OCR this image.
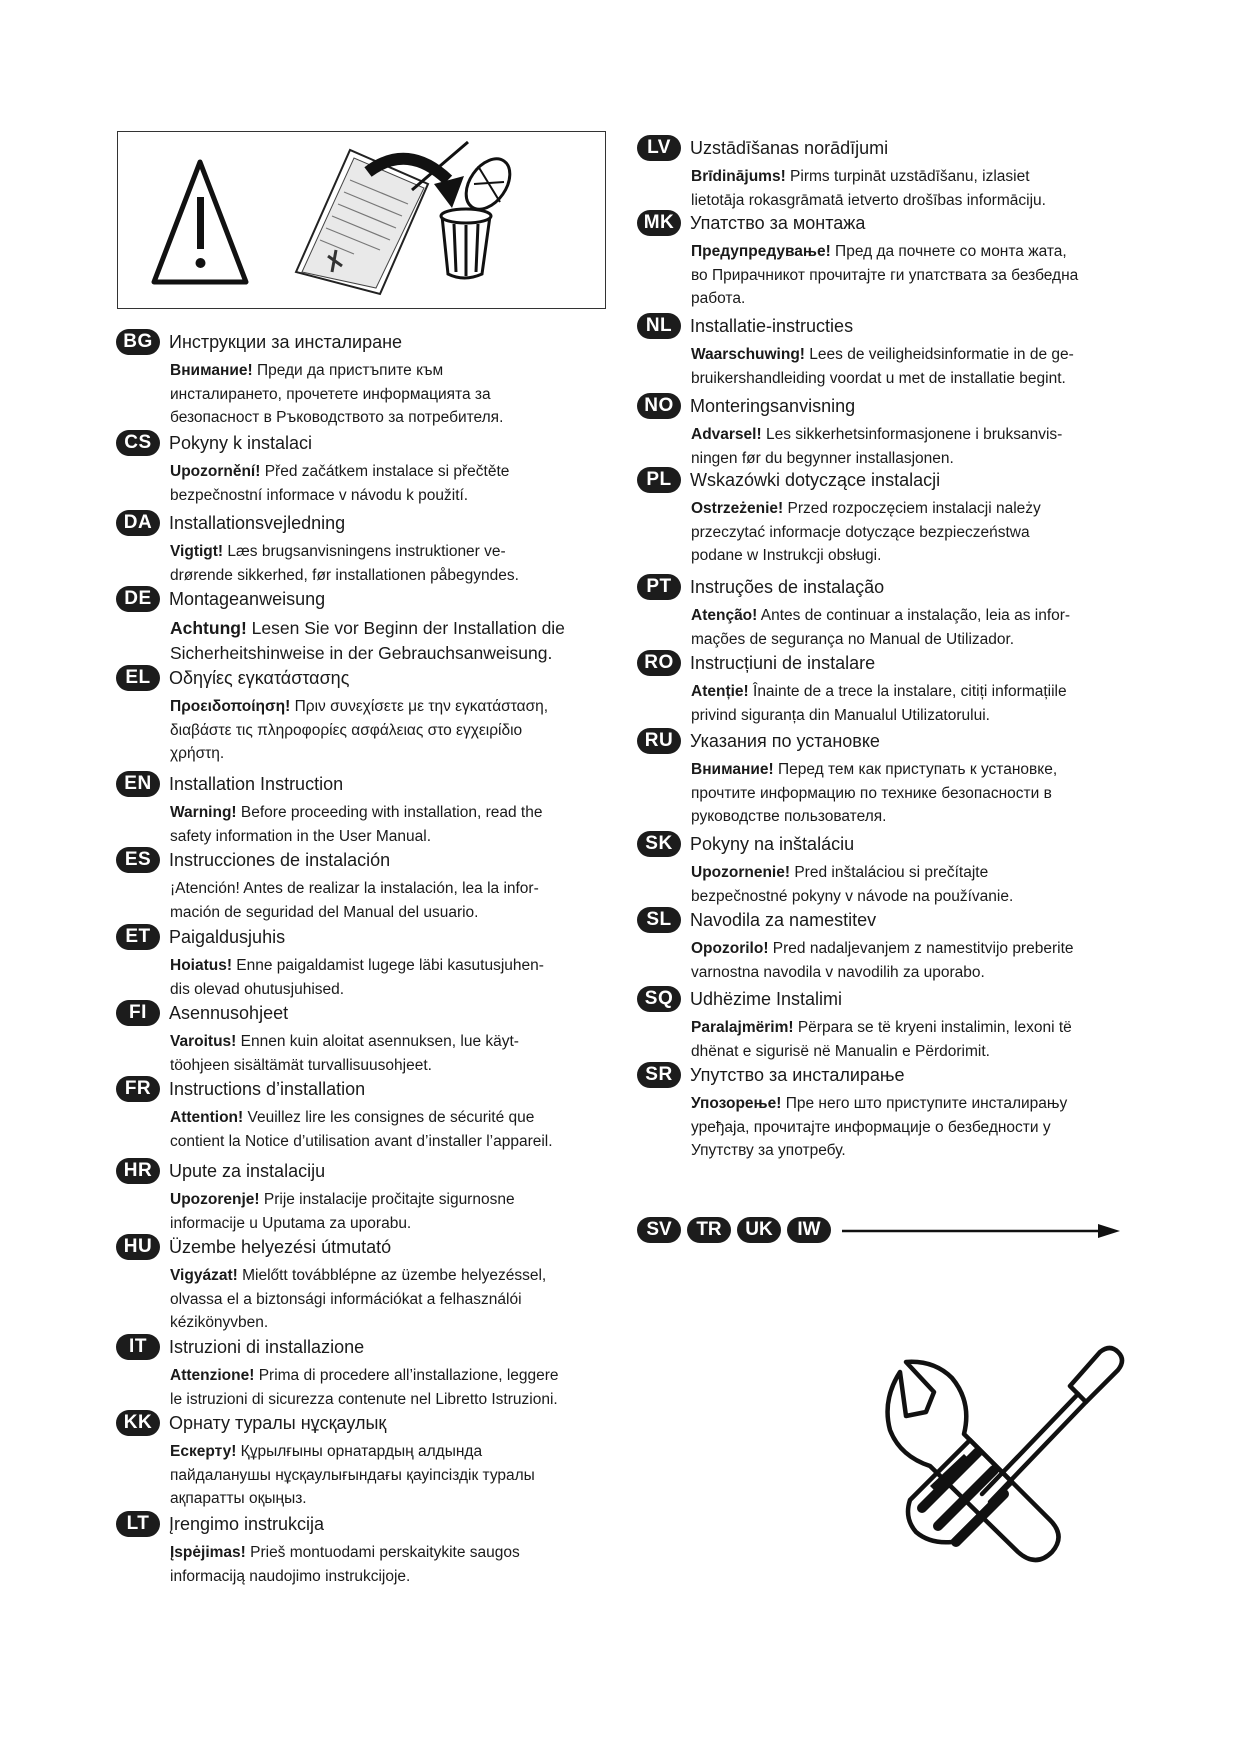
BG Инструкции за инсталиране
Внимание! Преди да пристъпите към
инсталирането, прочетете информацията за
безопасност в Ръководството за потребителя.
CS Pokyny k instalaci
Upozornění! Před začátkem instalace si přečtěte
bezpečnostní informace v návodu k použití.
DA Installationsvejledning
Vigtigt! Læs brugsanvisningens instruktioner ve-
drørende sikkerhed, før installationen påbegyndes.
DE Montageanweisung
Achtung! Lesen Sie vor Beginn der Installation die
Sicherheitshinweise in der Gebrauchsanweisung.
EL	Οδηγίες εγκατάστασης
Προειδοποίηση! Πριν συνεχίσετε με την εγκατάσταση,
διαβάστε τις πληροφορίες ασφάλειας στο εγχειρίδιο
χρήστη.
EN Installation Instruction
Warning! Before proceeding with installation, read the
safety information in the User Manual.
ES Instrucciones de instalación
¡Atención! Antes de realizar la instalación, lea la infor-
mación de seguridad del Manual del usuario.
ET	Paigaldusjuhis
Hoiatus! Enne paigaldamist lugege läbi kasutusjuhen-
dis olevad ohutusjuhised.
FI	Asennusohjeet
Varoitus! Ennen kuin aloitat asennuksen, lue käyt-
töohjeen sisältämät turvallisuusohjeet.
FR Instructions d’installation
Attention! Veuillez lire les consignes de sécurité que
contient la Notice d’utilisation avant d’installer l’appareil.
HR Upute za instalaciju
Upozorenje! Prije instalacije pročitajte sigurnosne
informacije u Uputama za uporabu.
HU Üzembe helyezési útmutató
Vigyázat! Mielőtt továbblépne az üzembe helyezéssel,
olvassa el a biztonsági információkat a felhasználói
kézikönyvben.
IT	Istruzioni di installazione
Attenzione! Prima di procedere all’installazione, leggere
le istruzioni di sicurezza contenute nel Libretto Istruzioni.
KK Орнату туралы нұсқаулық
Ескерту! Құрылғыны орнатардың алдында
пайдаланушы нұсқаулығындағы қауіпсіздік туралы
ақпаратты оқыңыз.
LT	Įrengimo instrukcija
Įspėjimas! Prieš montuodami perskaitykite saugos
informaciją naudojimo instrukcijoje.
LV	Uzstādīšanas norādījumi
Brīdinājums! Pirms turpināt uzstādīšanu, izlasiet
lietotāja rokasgrāmatā ietverto drošības informāciju.
MK Упатство за монтажа
Предупредување! Пред да почнете со монта жата,
во Прирачникот прочитајте ги упатствата за безбедна
работа.
NL Installatie-instructies
Waarschuwing! Lees de veiligheidsinformatie in de ge-
bruikershandleiding voordat u met de installatie begint.
NO Monteringsanvisning
Advarsel! Les sikkerhetsinformasjonene i bruksanvis-
ningen før du begynner installasjonen.
PL	Wskazówki dotyczące instalacji
Ostrzeżenie! Przed rozpoczęciem instalacji należy
przeczytać informacje dotyczące bezpieczeństwa
podane w Instrukcji obsługi.
PT	Instruções de instalação
Atenção! Antes de continuar a instalação, leia as infor-
mações de segurança no Manual de Utilizador.
RO Instrucțiuni de instalare
Atenție! Înainte de a trece la instalare, citiți informațiile
privind siguranța din Manualul Utilizatorului.
RU Указания по установке
Внимание! Перед тем как приступать к установке,
прочтите информацию по технике безопасности в
руководстве пользователя.
SK Pokyny na inštaláciu
Upozornenie! Pred inštaláciou si prečítajte
bezpečnostné pokyny v návode na používanie.
SL	Navodila za namestitev
Opozorilo! Pred nadaljevanjem z namestitvijo preberite
varnostna navodila v navodilih za uporabo.
SQ Udhëzime Instalimi
Paralajmërim! Përpara se të kryeni instalimin, lexoni të
dhënat e sigurisë në Manualin e Përdorimit.
SR Упутство за инсталирање
Упозорење! Пре него што приступите инсталирању
уређаја, прочитајте информације о безбедности у
Упутству за употребу.
SV	TR	UK	IW
